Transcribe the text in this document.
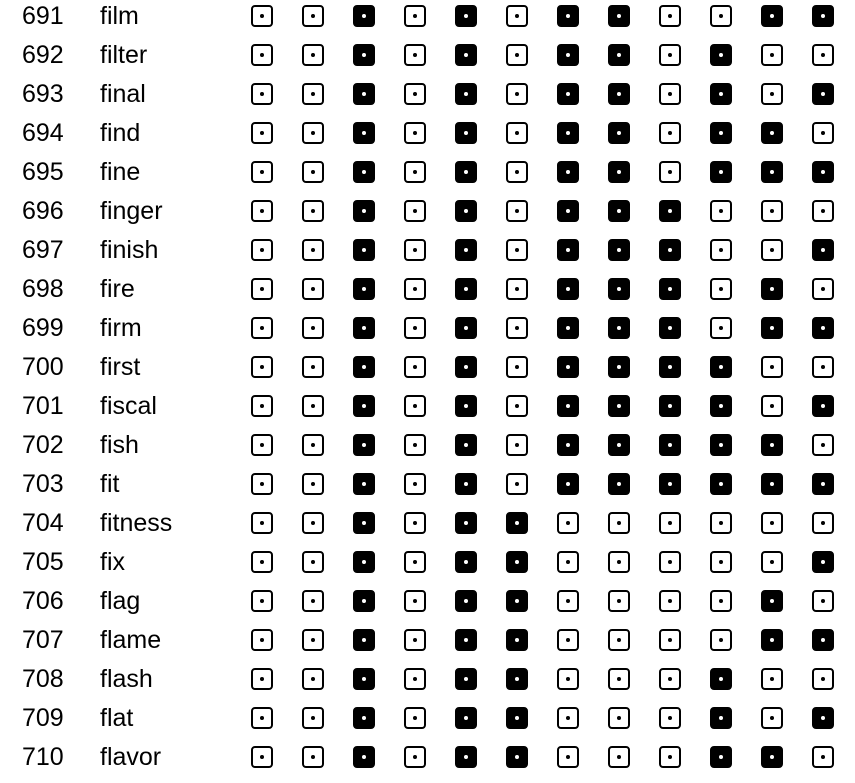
691 film
692 filter
693 final
694 find
695 fine
696 finger
697 finish
698 fire
699 firm
700 first
701 fiscal
702 fish
703 fit
704 fitness
705 fix
706 flag
707 flame
708 flash
709 flat
710 flavor
